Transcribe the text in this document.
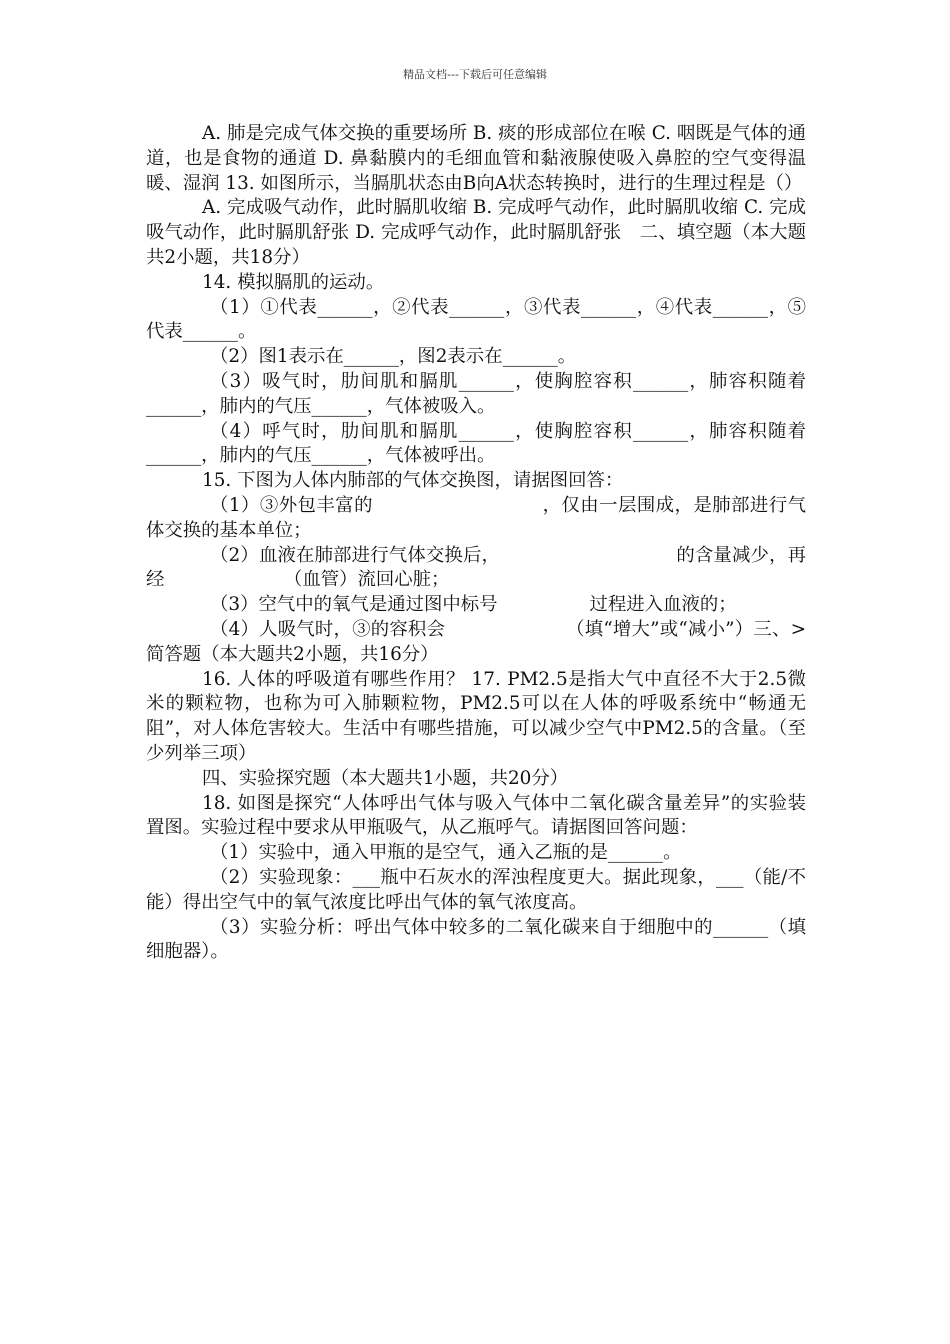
精品文档---下载后可任意编辑

A. 肺是完成气体交换的重要场所 B. 痰的形成部位在喉 C. 咽既是气体的通道，也是食物的通道 D. 鼻黏膜内的毛细血管和黏液腺使吸入鼻腔的空气变得温暖、湿润 13. 如图所示，当膈肌状态由B向A状态转换时，进行的生理过程是（）

A. 完成吸气动作，此时膈肌收缩 B. 完成呼气动作，此时膈肌收缩 C. 完成吸气动作，此时膈肌舒张 D. 完成呼气动作，此时膈肌舒张　二、填空题（本大题共2小题，共18分）

14. 模拟膈肌的运动。

（1）①代表______，②代表______，③代表______，④代表______，⑤代表______。

（2）图1表示在______，图2表示在______。

（3）吸气时，肋间肌和膈肌______，使胸腔容积______，肺容积随着______，肺内的气压______，气体被吸入。

（4）呼气时，肋间肌和膈肌______，使胸腔容积______，肺容积随着______，肺内的气压______，气体被呼出。

15. 下图为人体内肺部的气体交换图，请据图回答：

（1）③外包丰富的　　　　　　　　　，仅由一层围成，是肺部进行气体交换的基本单位；

（2）血液在肺部进行气体交换后，　　　　　　　　　　的含量减少，再经　　　　　　　（血管）流回心脏；

（3）空气中的氧气是通过图中标号　　　　　过程进入血液的；

（4）人吸气时，③的容积会　　　　　　　（填“增大”或“减小”）三、>简答题（本大题共2小题，共16分）

16. 人体的呼吸道有哪些作用？ 17. PM2.5是指大气中直径不大于2.5微米的颗粒物，也称为可入肺颗粒物，PM2.5可以在人体的呼吸系统中“畅通无阻”，对人体危害较大。生活中有哪些措施，可以减少空气中PM2.5的含量。（至少列举三项）

四、实验探究题（本大题共1小题，共20分）

18. 如图是探究“人体呼出气体与吸入气体中二氧化碳含量差异”的实验装置图。实验过程中要求从甲瓶吸气，从乙瓶呼气。请据图回答问题：

（1）实验中，通入甲瓶的是空气，通入乙瓶的是______。

（2）实验现象：___瓶中石灰水的浑浊程度更大。据此现象，___（能/不能）得出空气中的氧气浓度比呼出气体的氧气浓度高。

（3）实验分析：呼出气体中较多的二氧化碳来自于细胞中的______（填细胞器）。
